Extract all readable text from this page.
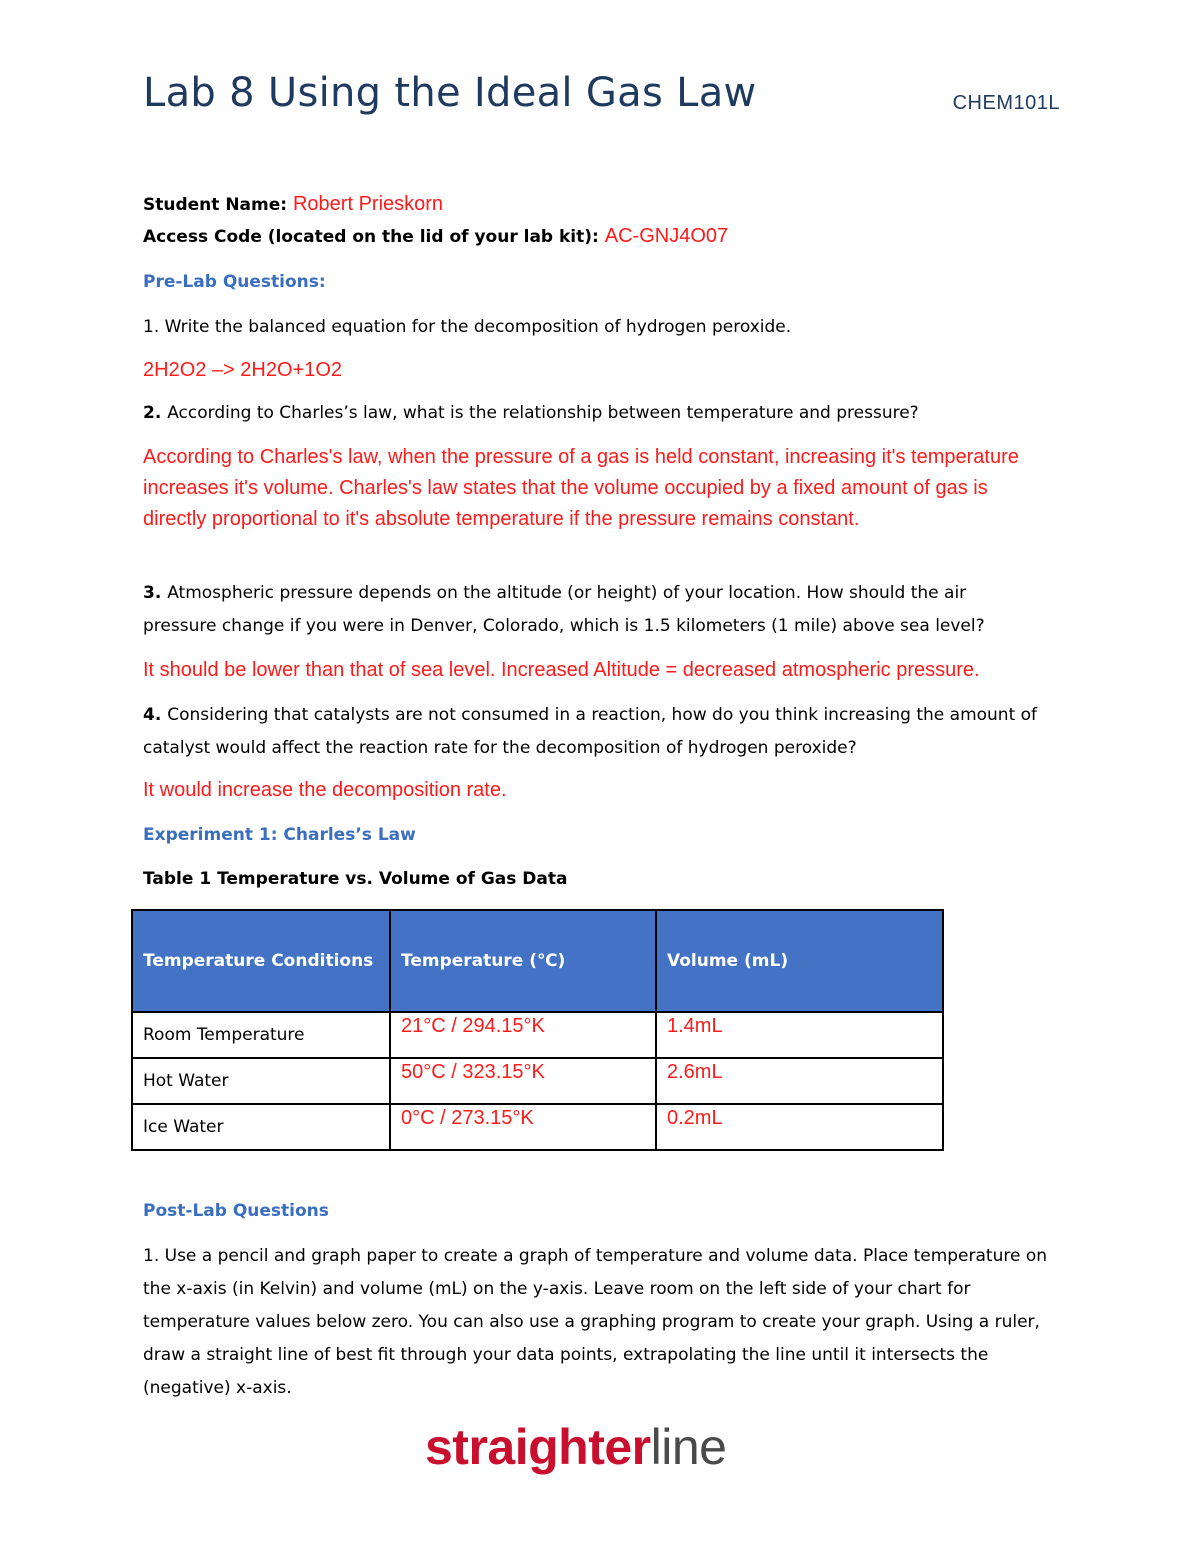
Lab 8 Using the Ideal Gas Law	CHEM101L
Student Name: Robert Prieskorn
Access Code (located on the lid of your lab kit): AC-GNJ4O07
Pre-Lab Questions:
1. Write the balanced equation for the decomposition of hydrogen peroxide.
2H2O2 –> 2H2O+1O2
2. According to Charles’s law, what is the relationship between temperature and pressure?
According to Charles's law, when the pressure of a gas is held constant, increasing it's temperature increases it's volume. Charles's law states that the volume occupied by a fixed amount of gas is directly proportional to it's absolute temperature if the pressure remains constant.
3. Atmospheric pressure depends on the altitude (or height) of your location. How should the air pressure change if you were in Denver, Colorado, which is 1.5 kilometers (1 mile) above sea level?
It should be lower than that of sea level. Increased Altitude = decreased atmospheric pressure.
4. Considering that catalysts are not consumed in a reaction, how do you think increasing the amount of catalyst would affect the reaction rate for the decomposition of hydrogen peroxide?
It would increase the decomposition rate.
Experiment 1: Charles’s Law
Table 1 Temperature vs. Volume of Gas Data
Temperature Conditions	Temperature (℃)	Volume (mL)
Room Temperature	21°C / 294.15°K	1.4mL
Hot Water	50°C / 323.15°K	2.6mL
Ice Water	0°C / 273.15°K	0.2mL
Post-Lab Questions
1. Use a pencil and graph paper to create a graph of temperature and volume data. Place temperature on the x-axis (in Kelvin) and volume (mL) on the y-axis. Leave room on the left side of your chart for temperature values below zero. You can also use a graphing program to create your graph. Using a ruler, draw a straight line of best fit through your data points, extrapolating the line until it intersects the (negative) x-axis.
straighterline
